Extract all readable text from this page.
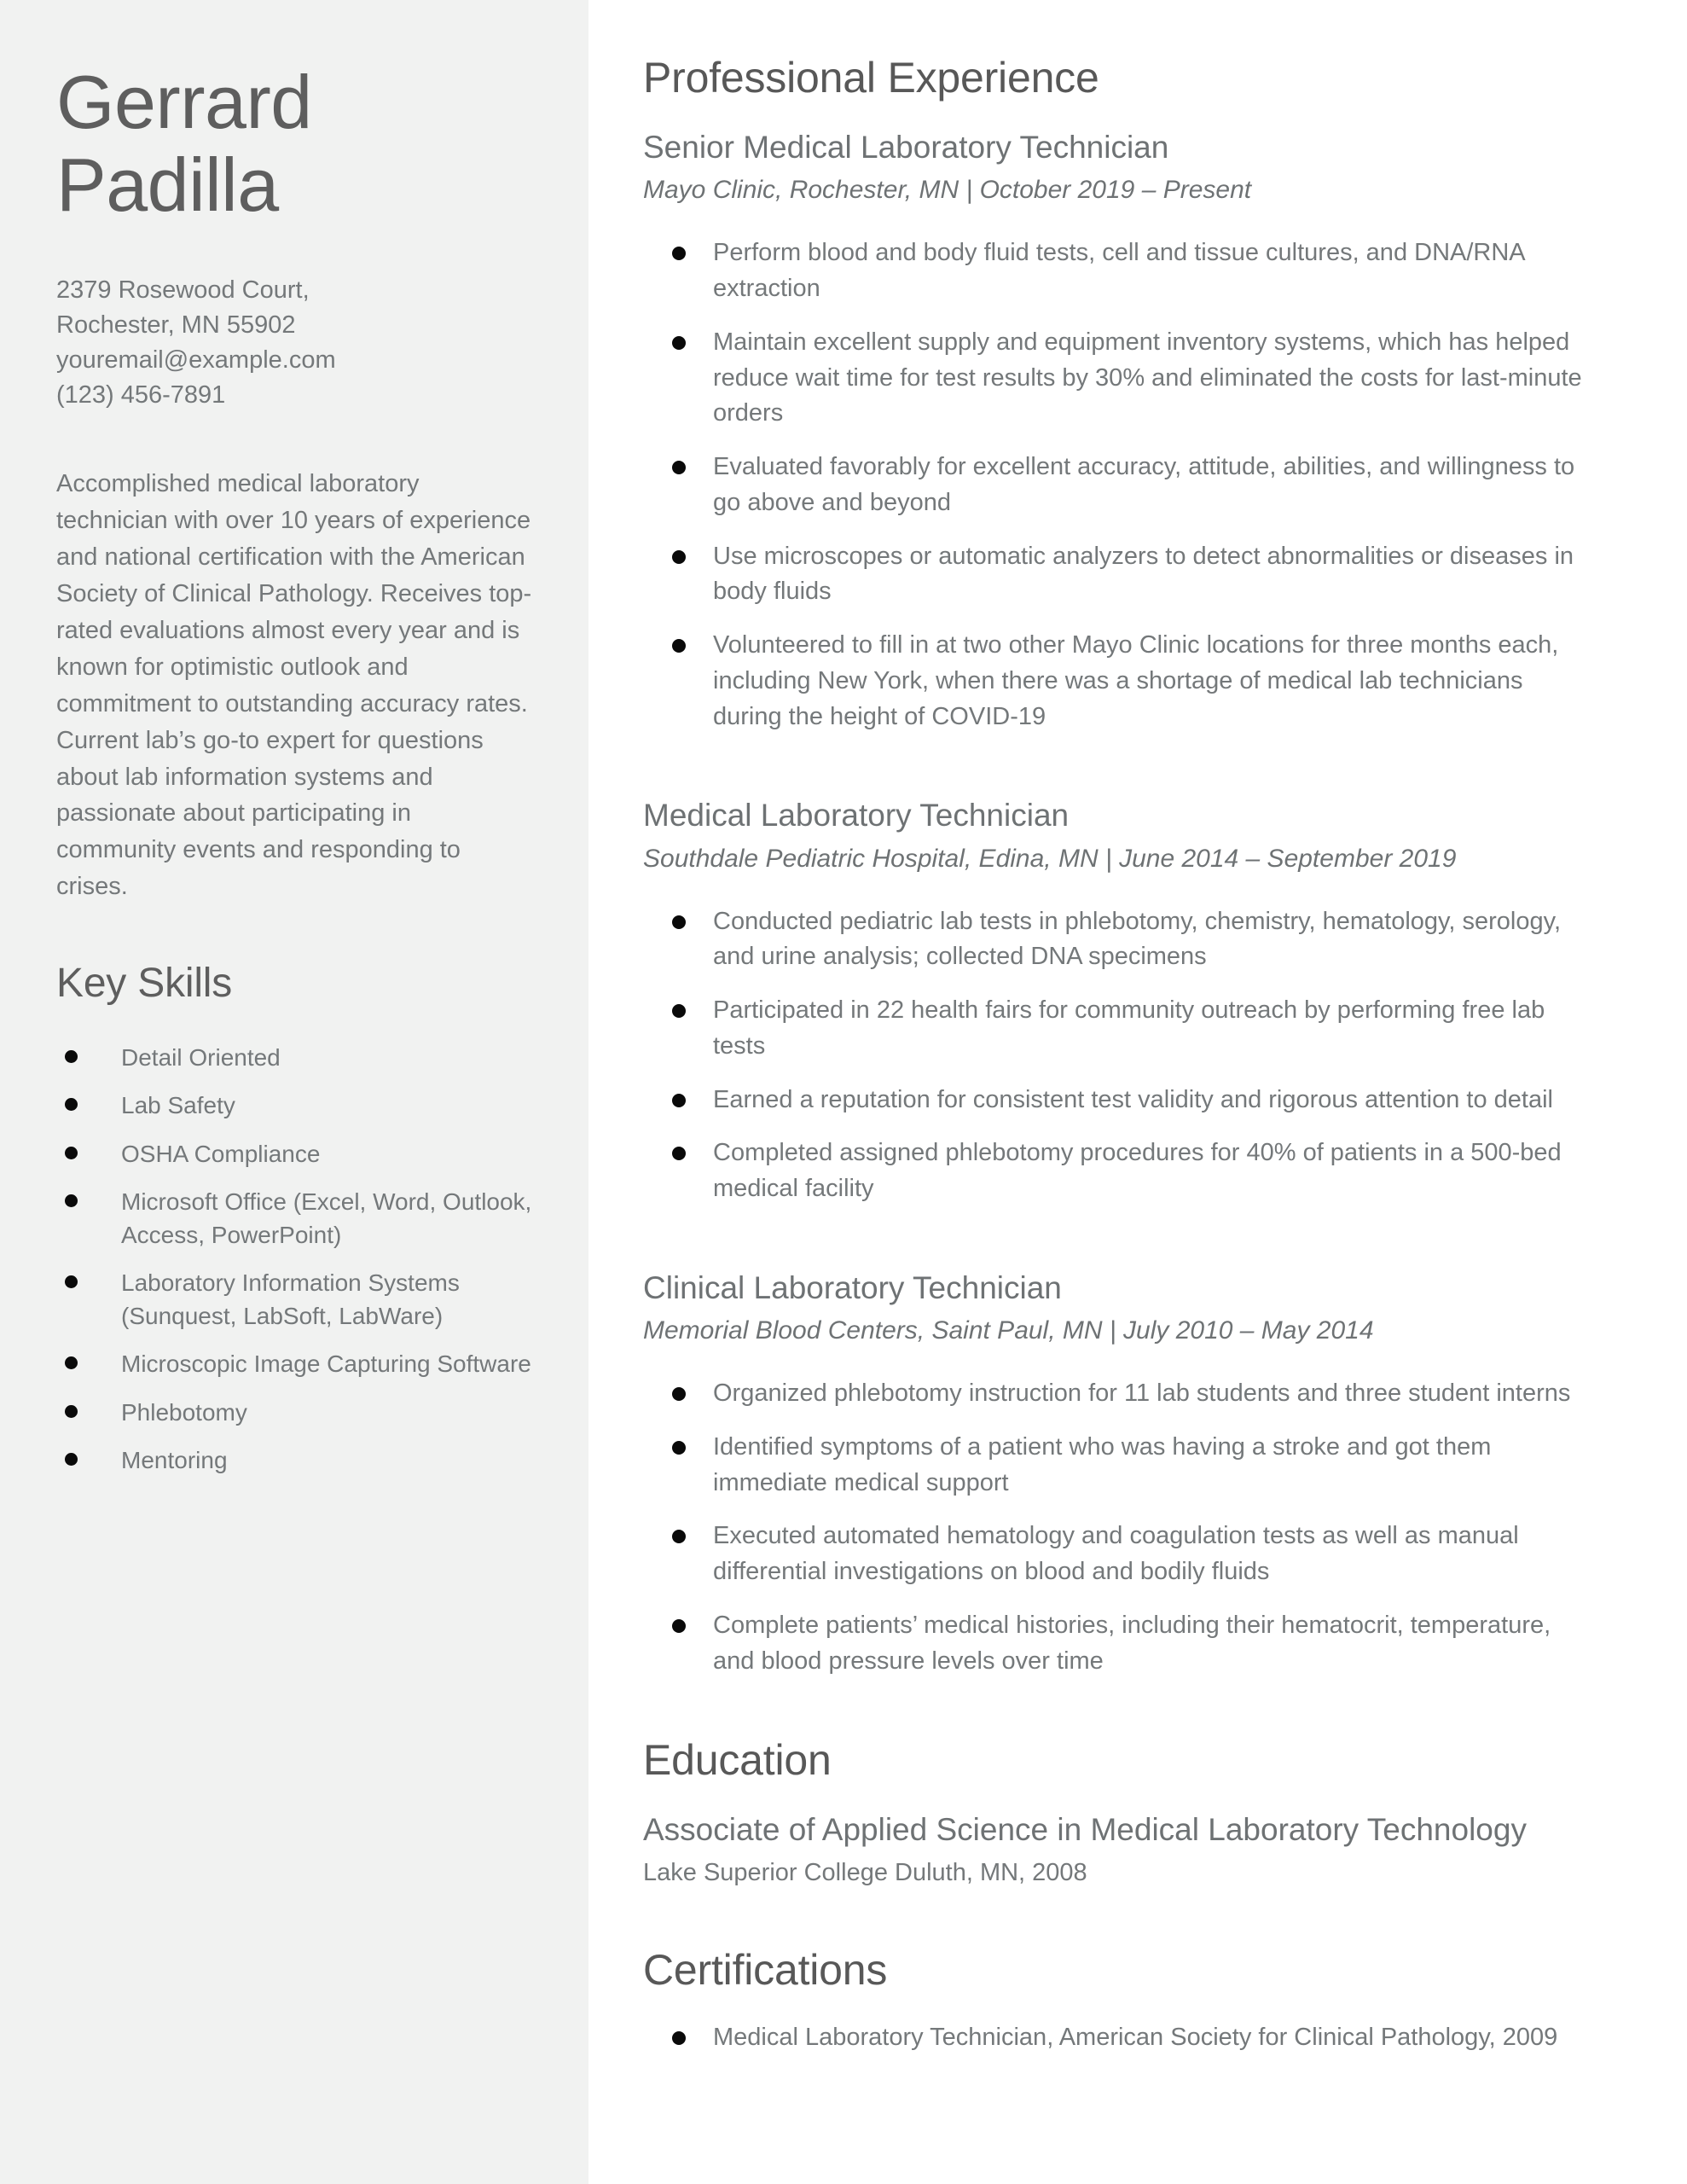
Gerrard
Padilla
2379 Rosewood Court,
Rochester, MN 55902
youremail@example.com
(123) 456-7891
Accomplished medical laboratory technician with over 10 years of experience and national certification with the American Society of Clinical Pathology. Receives top-rated evaluations almost every year and is known for optimistic outlook and commitment to outstanding accuracy rates. Current lab’s go-to expert for questions about lab information systems and passionate about participating in community events and responding to crises.
Key Skills
Detail Oriented
Lab Safety
OSHA Compliance
Microsoft Office (Excel, Word, Outlook, Access, PowerPoint)
Laboratory Information Systems (Sunquest, LabSoft, LabWare)
Microscopic Image Capturing Software
Phlebotomy
Mentoring
Professional Experience
Senior Medical Laboratory Technician
Mayo Clinic, Rochester, MN | October 2019 – Present
Perform blood and body fluid tests, cell and tissue cultures, and DNA/RNA extraction
Maintain excellent supply and equipment inventory systems, which has helped reduce wait time for test results by 30% and eliminated the costs for last-minute orders
Evaluated favorably for excellent accuracy, attitude, abilities, and willingness to go above and beyond
Use microscopes or automatic analyzers to detect abnormalities or diseases in body fluids
Volunteered to fill in at two other Mayo Clinic locations for three months each, including New York, when there was a shortage of medical lab technicians during the height of COVID-19
Medical Laboratory Technician
Southdale Pediatric Hospital, Edina, MN | June 2014 – September 2019
Conducted pediatric lab tests in phlebotomy, chemistry, hematology, serology, and urine analysis; collected DNA specimens
Participated in 22 health fairs for community outreach by performing free lab tests
Earned a reputation for consistent test validity and rigorous attention to detail
Completed assigned phlebotomy procedures for 40% of patients in a 500-bed medical facility
Clinical Laboratory Technician
Memorial Blood Centers, Saint Paul, MN | July 2010 – May 2014
Organized phlebotomy instruction for 11 lab students and three student interns
Identified symptoms of a patient who was having a stroke and got them immediate medical support
Executed automated hematology and coagulation tests as well as manual differential investigations on blood and bodily fluids
Complete patients’ medical histories, including their hematocrit, temperature, and blood pressure levels over time
Education
Associate of Applied Science in Medical Laboratory Technology
Lake Superior College Duluth, MN, 2008
Certifications
Medical Laboratory Technician, American Society for Clinical Pathology, 2009
